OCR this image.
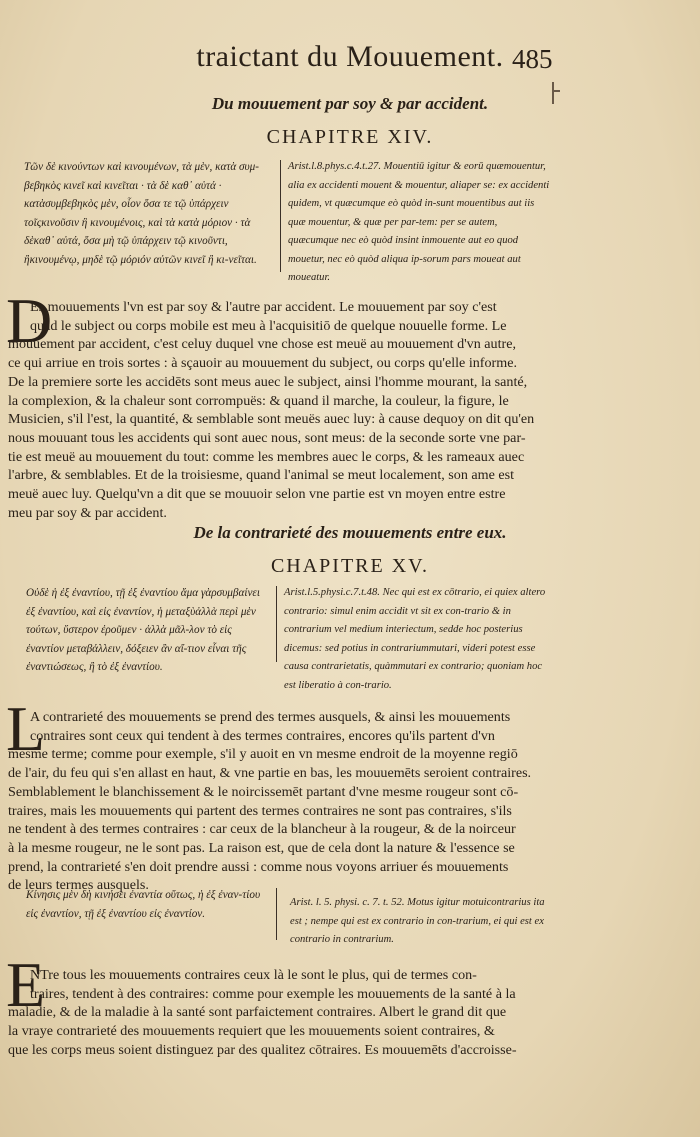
traictant du Mouuement. 485
Du mouuement par soy & par accident.
CHAPITRE XIV.
Τῶν δὲ κινούντων καὶ κινουμένων, τὰ μὲν, κατὰ συμ-βεβηκὸς κινεῖ καὶ κινεῖται · τὰ δὲ καθ᾽ αὑτά · κατὰσυμβεβηκὸς μὲν, οἷον ὅσα τε τῷ ὑπάρχειν τοῖςκινοῦσιν ἢ κινουμένοις, καὶ τὰ κατὰ μόριον · τὰ δὲκαθ᾽ αὑτά, ὅσα μὴ τῷ ὑπάρχειν τῷ κινοῦντι, ἢκινουμένῳ, μηδὲ τῷ μόριόν αὐτῶν κινεῖ ἢ κι-νεῖται.
Arist.l.8.phys.c.4.t.27. Mouentiū igitur & eorū quæmouentur, alia ex accidenti mouent & mouentur, aliaper se: ex accidenti quidem, vt quæcumque eò quòd in-sunt mouentibus aut iis quæ mouentur, & quæ per par-tem: per se autem, quæcumque nec eò quòd insint inmouente aut eo quod mouetur, nec eò quòd aliqua ip-sorum pars moueat aut moueatur.
D
Es mouuements l'vn est par soy & l'autre par accident. Le mouuement par soy c'est
quād le subject ou corps mobile est meu à l'acquisitiō de quelque nouuelle forme. Le
mouuement par accident, c'est celuy duquel vne chose est meuë au mouuement d'vn autre,
ce qui arriue en trois sortes : à sçauoir au mouuement du subject, ou corps qu'elle informe.
De la premiere sorte les accidēts sont meus auec le subject, ainsi l'homme mourant, la santé,
la complexion, & la chaleur sont corrompuës: & quand il marche, la couleur, la figure, le
Musicien, s'il l'est, la quantité, & semblable sont meuës auec luy: à cause dequoy on dit qu'en
nous mouuant tous les accidents qui sont auec nous, sont meus: de la seconde sorte vne par-
tie est meuë au mouuement du tout: comme les membres auec le corps, & les rameaux auec
l'arbre, & semblables. Et de la troisiesme, quand l'animal se meut localement, son ame est
meuë auec luy. Quelqu'vn a dit que se mouuoir selon vne partie est vn moyen entre estre
meu par soy & par accident.
De la contrarieté des mouuements entre eux.
CHAPITRE XV.
Οὐδὲ ἡ ἐξ ἐναντίου, τῇ ἐξ ἐναντίου ἅμα γὰρσυμβαίνει ἐξ ἐναντίου, καὶ εἰς ἐναντίον, ἡ μεταξὺἀλλὰ περὶ μὲν τούτων, ὕστερον ἐροῦμεν · ἀλλὰ μᾶλ-λον τὸ εἰς ἐναντίον μεταβάλλειν, δόξειεν ἂν αἴ-τιον εἶναι τῆς ἐναντιώσεως, ἢ τὸ ἐξ ἐναντίου.
Arist.l.5.physi.c.7.t.48. Nec qui est ex cōtrario, ei quiex altero contrario: simul enim accidit vt sit ex con-trario & in contrarium vel medium interiectum, sedde hoc posterius dicemus: sed potius in contrariummutari, videri potest esse causa contrarietatis, quàmmutari ex contrario; quoniam hoc est liberatio à con-trario.
L
A contrarieté des mouuements se prend des termes ausquels, & ainsi les mouuements
contraires sont ceux qui tendent à des termes contraires, encores qu'ils partent d'vn
mesme terme; comme pour exemple, s'il y auoit en vn mesme endroit de la moyenne regiō
de l'air, du feu qui s'en allast en haut, & vne partie en bas, les mouuemēts seroient contraires.
Semblablement le blanchissement & le noircissemēt partant d'vne mesme rougeur sont cō-
traires, mais les mouuements qui partent des termes contraires ne sont pas contraires, s'ils
ne tendent à des termes contraires : car ceux de la blancheur à la rougeur, & de la noirceur
à la mesme rougeur, ne le sont pas. La raison est, que de cela dont la nature & l'essence se
prend, la contrarieté s'en doit prendre aussi : comme nous voyons arriuer és mouuements
de leurs termes ausquels.
Κίνησις μὲν δὴ κινήσει ἐναντία οὕτως, ἡ ἐξ ἐναν-τίου εἰς ἐναντίον, τῇ ἐξ ἐναντίου εἰς ἐναντίον.
Arist. l. 5. physi. c. 7. t. 52. Motus igitur motuicontrarius ita est ; nempe qui est ex contrario in con-trarium, ei qui est ex contrario in contrarium.
E
NTre tous les mouuements contraires ceux là le sont le plus, qui de termes con-
traires, tendent à des contraires: comme pour exemple les mouuements de la santé à la
maladie, & de la maladie à la santé sont parfaictement contraires. Albert le grand dit que
la vraye contrarieté des mouuements requiert que les mouuements soient contraires, &
que les corps meus soient distinguez par des qualitez cōtraires. Es mouuemēts d'accroisse-
